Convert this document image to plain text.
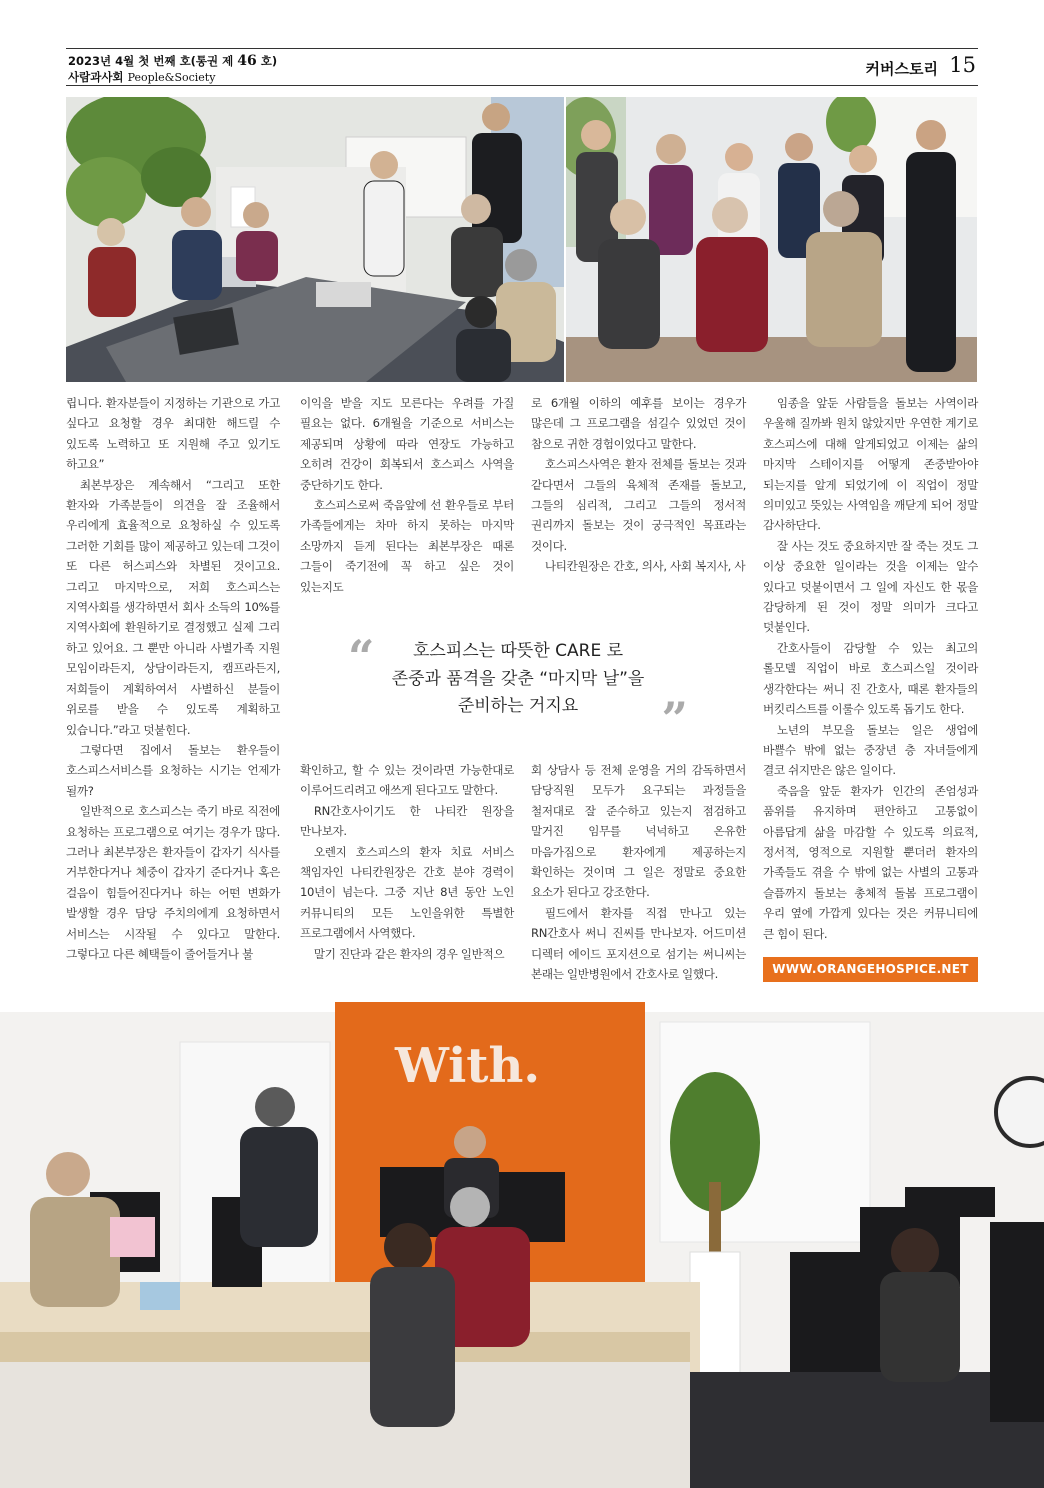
2023년 4월 첫 번째 호(통권 제 46 호)
사람과사회 People&Society	커버스토리 15

립니다. 환자분들이 지정하는 기관으로 가고 싶다고 요청할 경우 최대한 해드릴 수 있도록 노력하고 또 지원해 주고 있기도 하고요”

최본부장은 계속해서 “그리고 또한 환자와 가족분들이 의견을 잘 조율해서 우리에게 효율적으로 요청하실 수 있도록 그러한 기회를 많이 제공하고 있는데 그것이 또 다른 허스피스와 차별된 것이고요. 그리고 마지막으로, 저희 호스피스는 지역사회를 생각하면서 회사 소득의 10%를 지역사회에 환원하기로 결정했고 실제 그리 하고 있어요. 그 뿐만 아니라 사별가족 지원 모임이라든지, 상담이라든지, 캠프라든지, 저희들이 계획하여서 사별하신 분들이 위로를 받을 수 있도록 계획하고 있습니다.”라고 덧붙힌다.

그렇다면 집에서 돌보는 환우들이 호스피스서비스를 요청하는 시기는 언제가 될까?

일반적으로 호스피스는 죽기 바로 직전에 요청하는 프로그램으로 여기는 경우가 많다. 그러나 최본부장은 환자들이 갑자기 식사를 거부한다거나 체중이 갑자기 준다거나 혹은 걸음이 힘들어진다거나 하는 어떤 변화가 발생할 경우 담당 주치의에게 요청하면서 서비스는 시작될 수 있다고 말한다. 그렇다고 다른 혜택들이 줄어들거나 불

이익을 받을 지도 모른다는 우려를 가질 필요는 없다. 6개월을 기준으로 서비스는 제공되며 상황에 따라 연장도 가능하고 오히려 건강이 회복되서 호스피스 사역을 중단하기도 한다.

호스피스로써 죽음앞에 선 환우들로 부터 가족들에게는 차마 하지 못하는 마지막 소망까지 듣게 된다는 최본부장은 때론 그들이 죽기전에 꼭 하고 싶은 것이 있는지도

로 6개월 이하의 예후를 보이는 경우가 많은데 그 프로그램을 섬길수 있었던 것이 참으로 귀한 경험이었다고 말한다.

호스피스사역은 환자 전체를 돌보는 것과 같다면서 그들의 육체적 존재를 돌보고, 그들의 심리적, 그리고 그들의 정서적 권리까지 돌보는 것이 궁극적인 목표라는 것이다.

나티칸원장은 간호, 의사, 사회 복지사, 사

“	호스피스는 따뜻한 CARE 로
존중과 품격을 갖춘 “마지막 날”을
준비하는 거지요	”

확인하고, 할 수 있는 것이라면 가능한대로 이루어드리려고 애쓰게 된다고도 말한다.

RN간호사이기도 한 나티칸 원장을 만나보자.

오렌지 호스피스의 환자 치료 서비스 책임자인 나티칸원장은 간호 분야 경력이 10년이 넘는다. 그중 지난 8년 동안 노인 커뮤니티의 모든 노인을위한 특별한 프로그램에서 사역했다.

말기 진단과 같은 환자의 경우 일반적으

회 상담사 등 전체 운영을 거의 감독하면서 담당직원 모두가 요구되는 과정들을 철저대로 잘 준수하고 있는지 점검하고 말거진 임무를 넉넉하고 온유한 마음가짐으로 환자에게 제공하는지 확인하는 것이며 그 일은 정말로 중요한 요소가 된다고 강조한다.

필드에서 환자를 직접 만나고 있는 RN간호사 써니 진씨를 만나보자. 어드미션 디렉터 에이드 포지션으로 섬기는 써니씨는 본래는 일반병원에서 간호사로 일했다.

임종을 앞둔 사람들을 돌보는 사역이라 우울해 질까봐 원치 않았지만 우연한 계기로 호스피스에 대해 알게되었고 이제는 삶의 마지막 스테이지를 어떻게 존중받아야 되는지를 알게 되었기에 이 직업이 정말 의미있고 뜻있는 사역임을 깨닫게 되어 정말 감사하단다.

잘 사는 것도 중요하지만 잘 죽는 것도 그 이상 중요한 일이라는 것을 이제는 알수 있다고 덧붙이면서 그 일에 자신도 한 몫을 감당하게 된 것이 정말 의미가 크다고 덧붙인다.

간호사들이 감당할 수 있는 최고의 롤모델 직업이 바로 호스피스일 것이라 생각한다는 써니 진 간호사, 때론 환자들의 버킷리스트를 이룰수 있도록 돕기도 한다.

노년의 부모을 돌보는 일은 생업에 바쁠수 밖에 없는 중장년 층 자녀들에게 결코 쉬지만은 않은 일이다.

죽음을 앞둔 환자가 인간의 존엄성과 품위를 유지하며 편안하고 고통없이 아름답게 삶을 마감할 수 있도록 의료적, 정서적, 영적으로 지원할 뿐더러 환자의 가족들도 겪을 수 밖에 없는 사별의 고통과 슬픔까지 돌보는 총체적 돌봄 프로그램이 우리 옆에 가깝게 있다는 것은 커뮤니티에 큰 힘이 된다.

WWW.ORANGEHOSPICE.NET
With.
